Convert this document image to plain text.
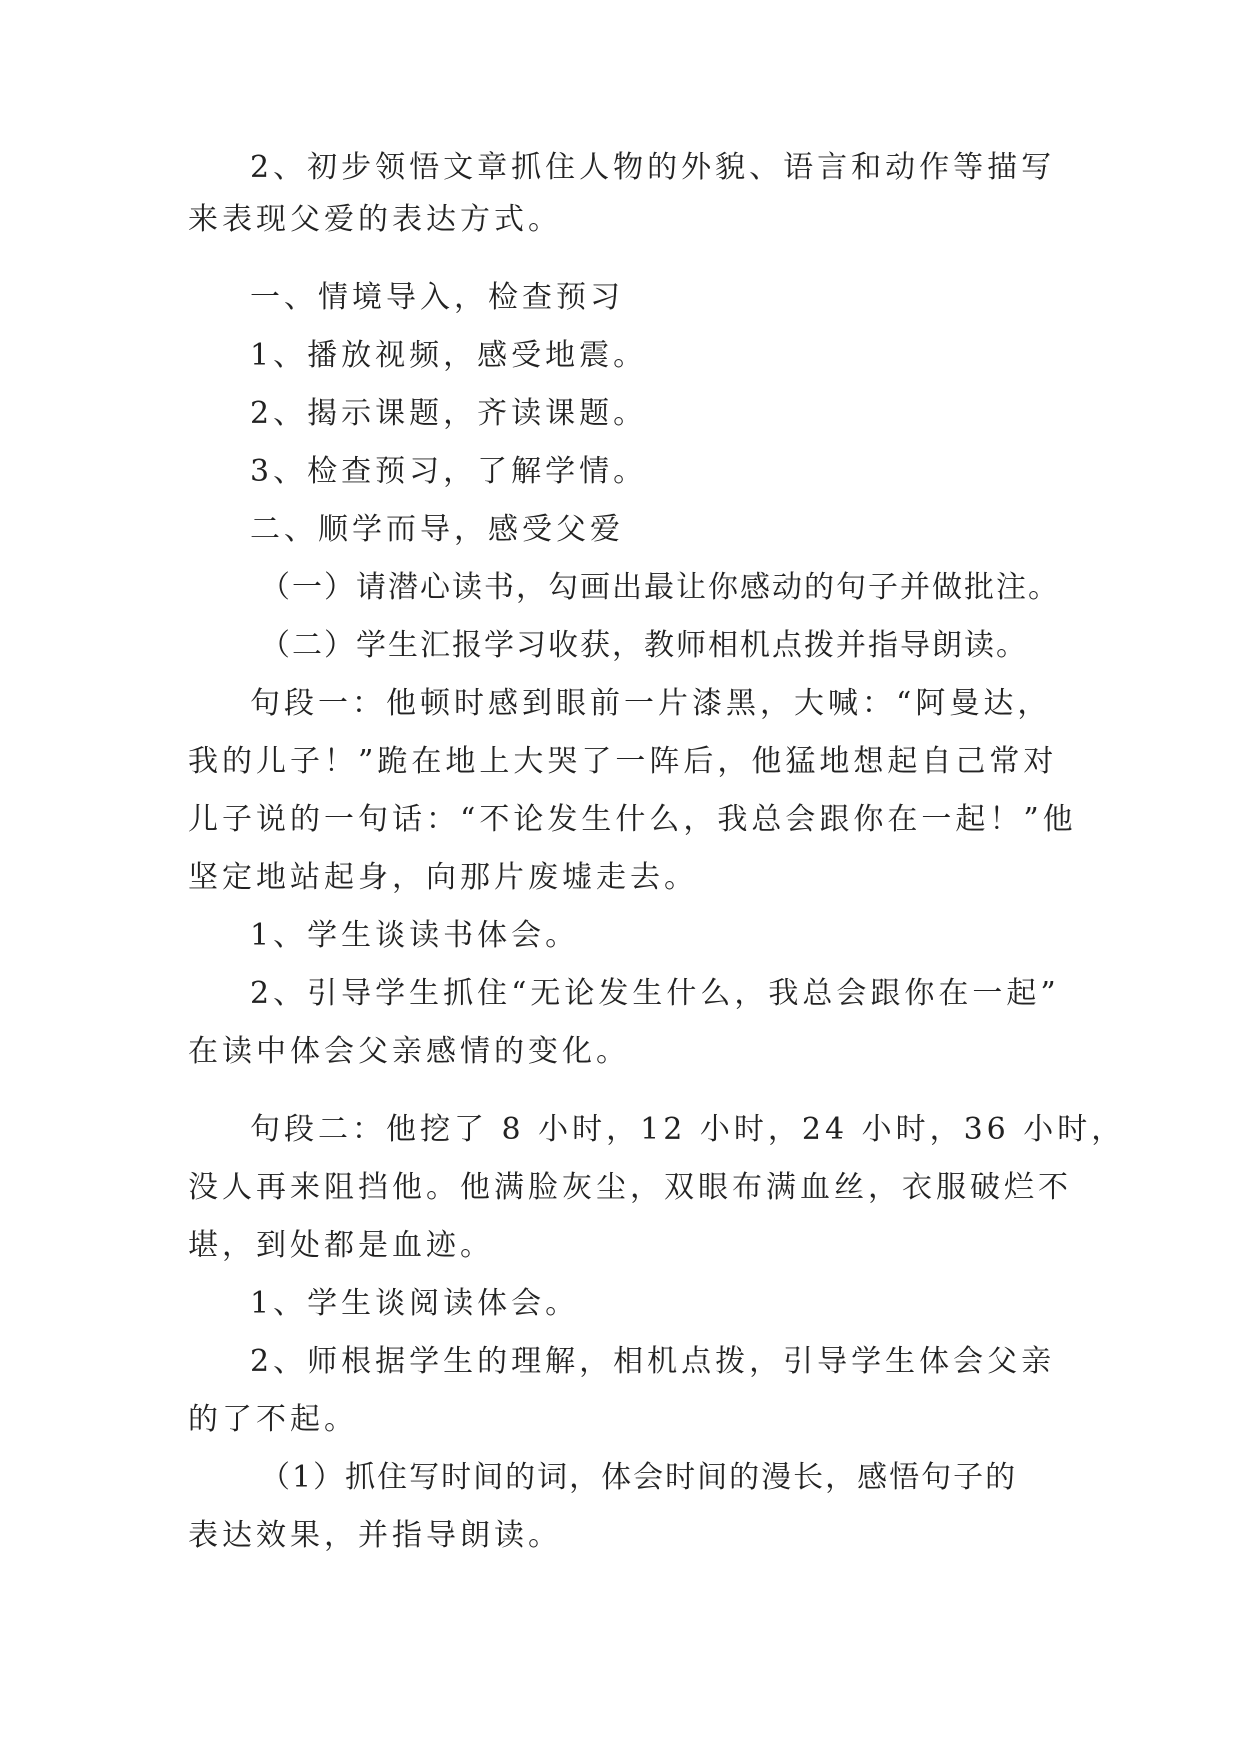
2、初步领悟文章抓住人物的外貌、语言和动作等描写
来表现父爱的表达方式。
一、情境导入，检查预习
1、播放视频，感受地震。
2、揭示课题，齐读课题。
3、检查预习，了解学情。
二、顺学而导，感受父爱
（一）请潜心读书，勾画出最让你感动的句子并做批注。
（二）学生汇报学习收获，教师相机点拨并指导朗读。
句段一：他顿时感到眼前一片漆黑，大喊：“阿曼达，
我的儿子！”跪在地上大哭了一阵后，他猛地想起自己常对
儿子说的一句话：“不论发生什么，我总会跟你在一起！”他
坚定地站起身，向那片废墟走去。
1、学生谈读书体会。
2、引导学生抓住“无论发生什么，我总会跟你在一起”
在读中体会父亲感情的变化。
句段二：他挖了 8 小时，12 小时，24 小时，36 小时，
没人再来阻挡他。他满脸灰尘，双眼布满血丝，衣服破烂不
堪，到处都是血迹。
1、学生谈阅读体会。
2、师根据学生的理解，相机点拨，引导学生体会父亲
的了不起。
（1）抓住写时间的词，体会时间的漫长，感悟句子的
表达效果，并指导朗读。
